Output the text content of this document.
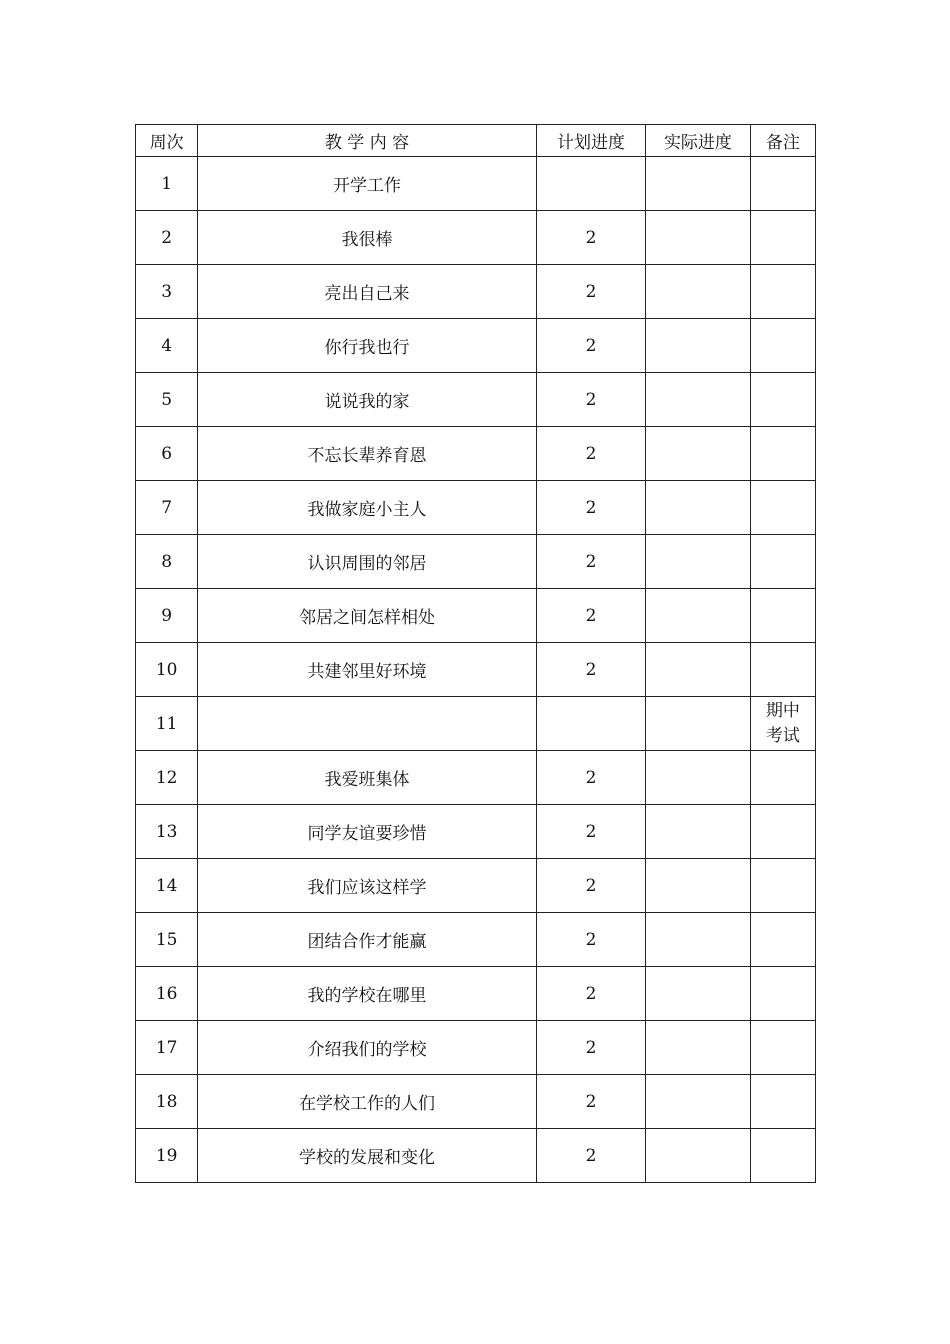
周次	教 学 内 容	计划进度	实际进度	备注
1	开学工作			
2	我很棒	2		
3	亮出自己来	2		
4	你行我也行	2		
5	说说我的家	2		
6	不忘长辈养育恩	2		
7	我做家庭小主人	2		
8	认识周围的邻居	2		
9	邻居之间怎样相处	2		
10	共建邻里好环境	2		
11				期中
考试
12	我爱班集体	2		
13	同学友谊要珍惜	2		
14	我们应该这样学	2		
15	团结合作才能赢	2		
16	我的学校在哪里	2		
17	介绍我们的学校	2		
18	在学校工作的人们	2		
19	学校的发展和变化	2		
